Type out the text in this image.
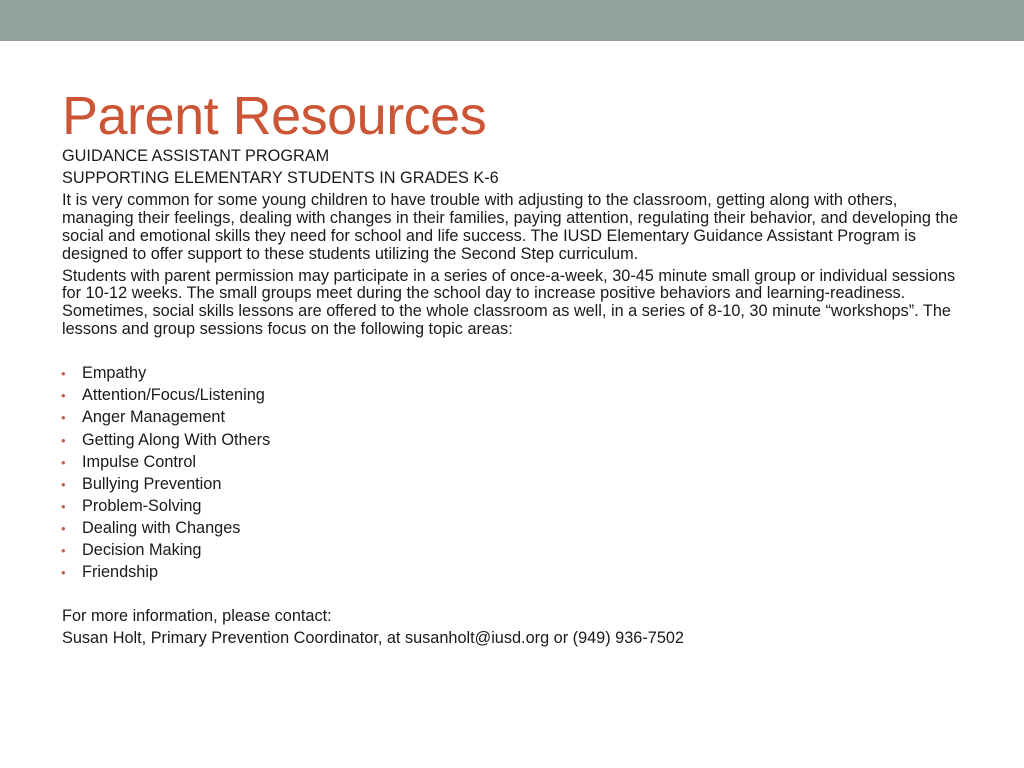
Parent Resources

GUIDANCE ASSISTANT PROGRAM

SUPPORTING ELEMENTARY STUDENTS IN GRADES K-6

It is very common for some young children to have trouble with adjusting to the classroom, getting along with others, managing their feelings, dealing with changes in their families, paying attention, regulating their behavior, and developing the social and emotional skills they need for school and life success. The IUSD Elementary Guidance Assistant Program is designed to offer support to these students utilizing the Second Step curriculum.

Students with parent permission may participate in a series of once-a-week, 30-45 minute small group or individual sessions for 10-12 weeks. The small groups meet during the school day to increase positive behaviors and learning-readiness. Sometimes, social skills lessons are offered to the whole classroom as well, in a series of 8-10, 30 minute “workshops”. The lessons and group sessions focus on the following topic areas:

• Empathy
• Attention/Focus/Listening
• Anger Management
• Getting Along With Others
• Impulse Control
• Bullying Prevention
• Problem-Solving
• Dealing with Changes
• Decision Making
• Friendship

For more information, please contact:

Susan Holt, Primary Prevention Coordinator, at susanholt@iusd.org or (949) 936-7502
